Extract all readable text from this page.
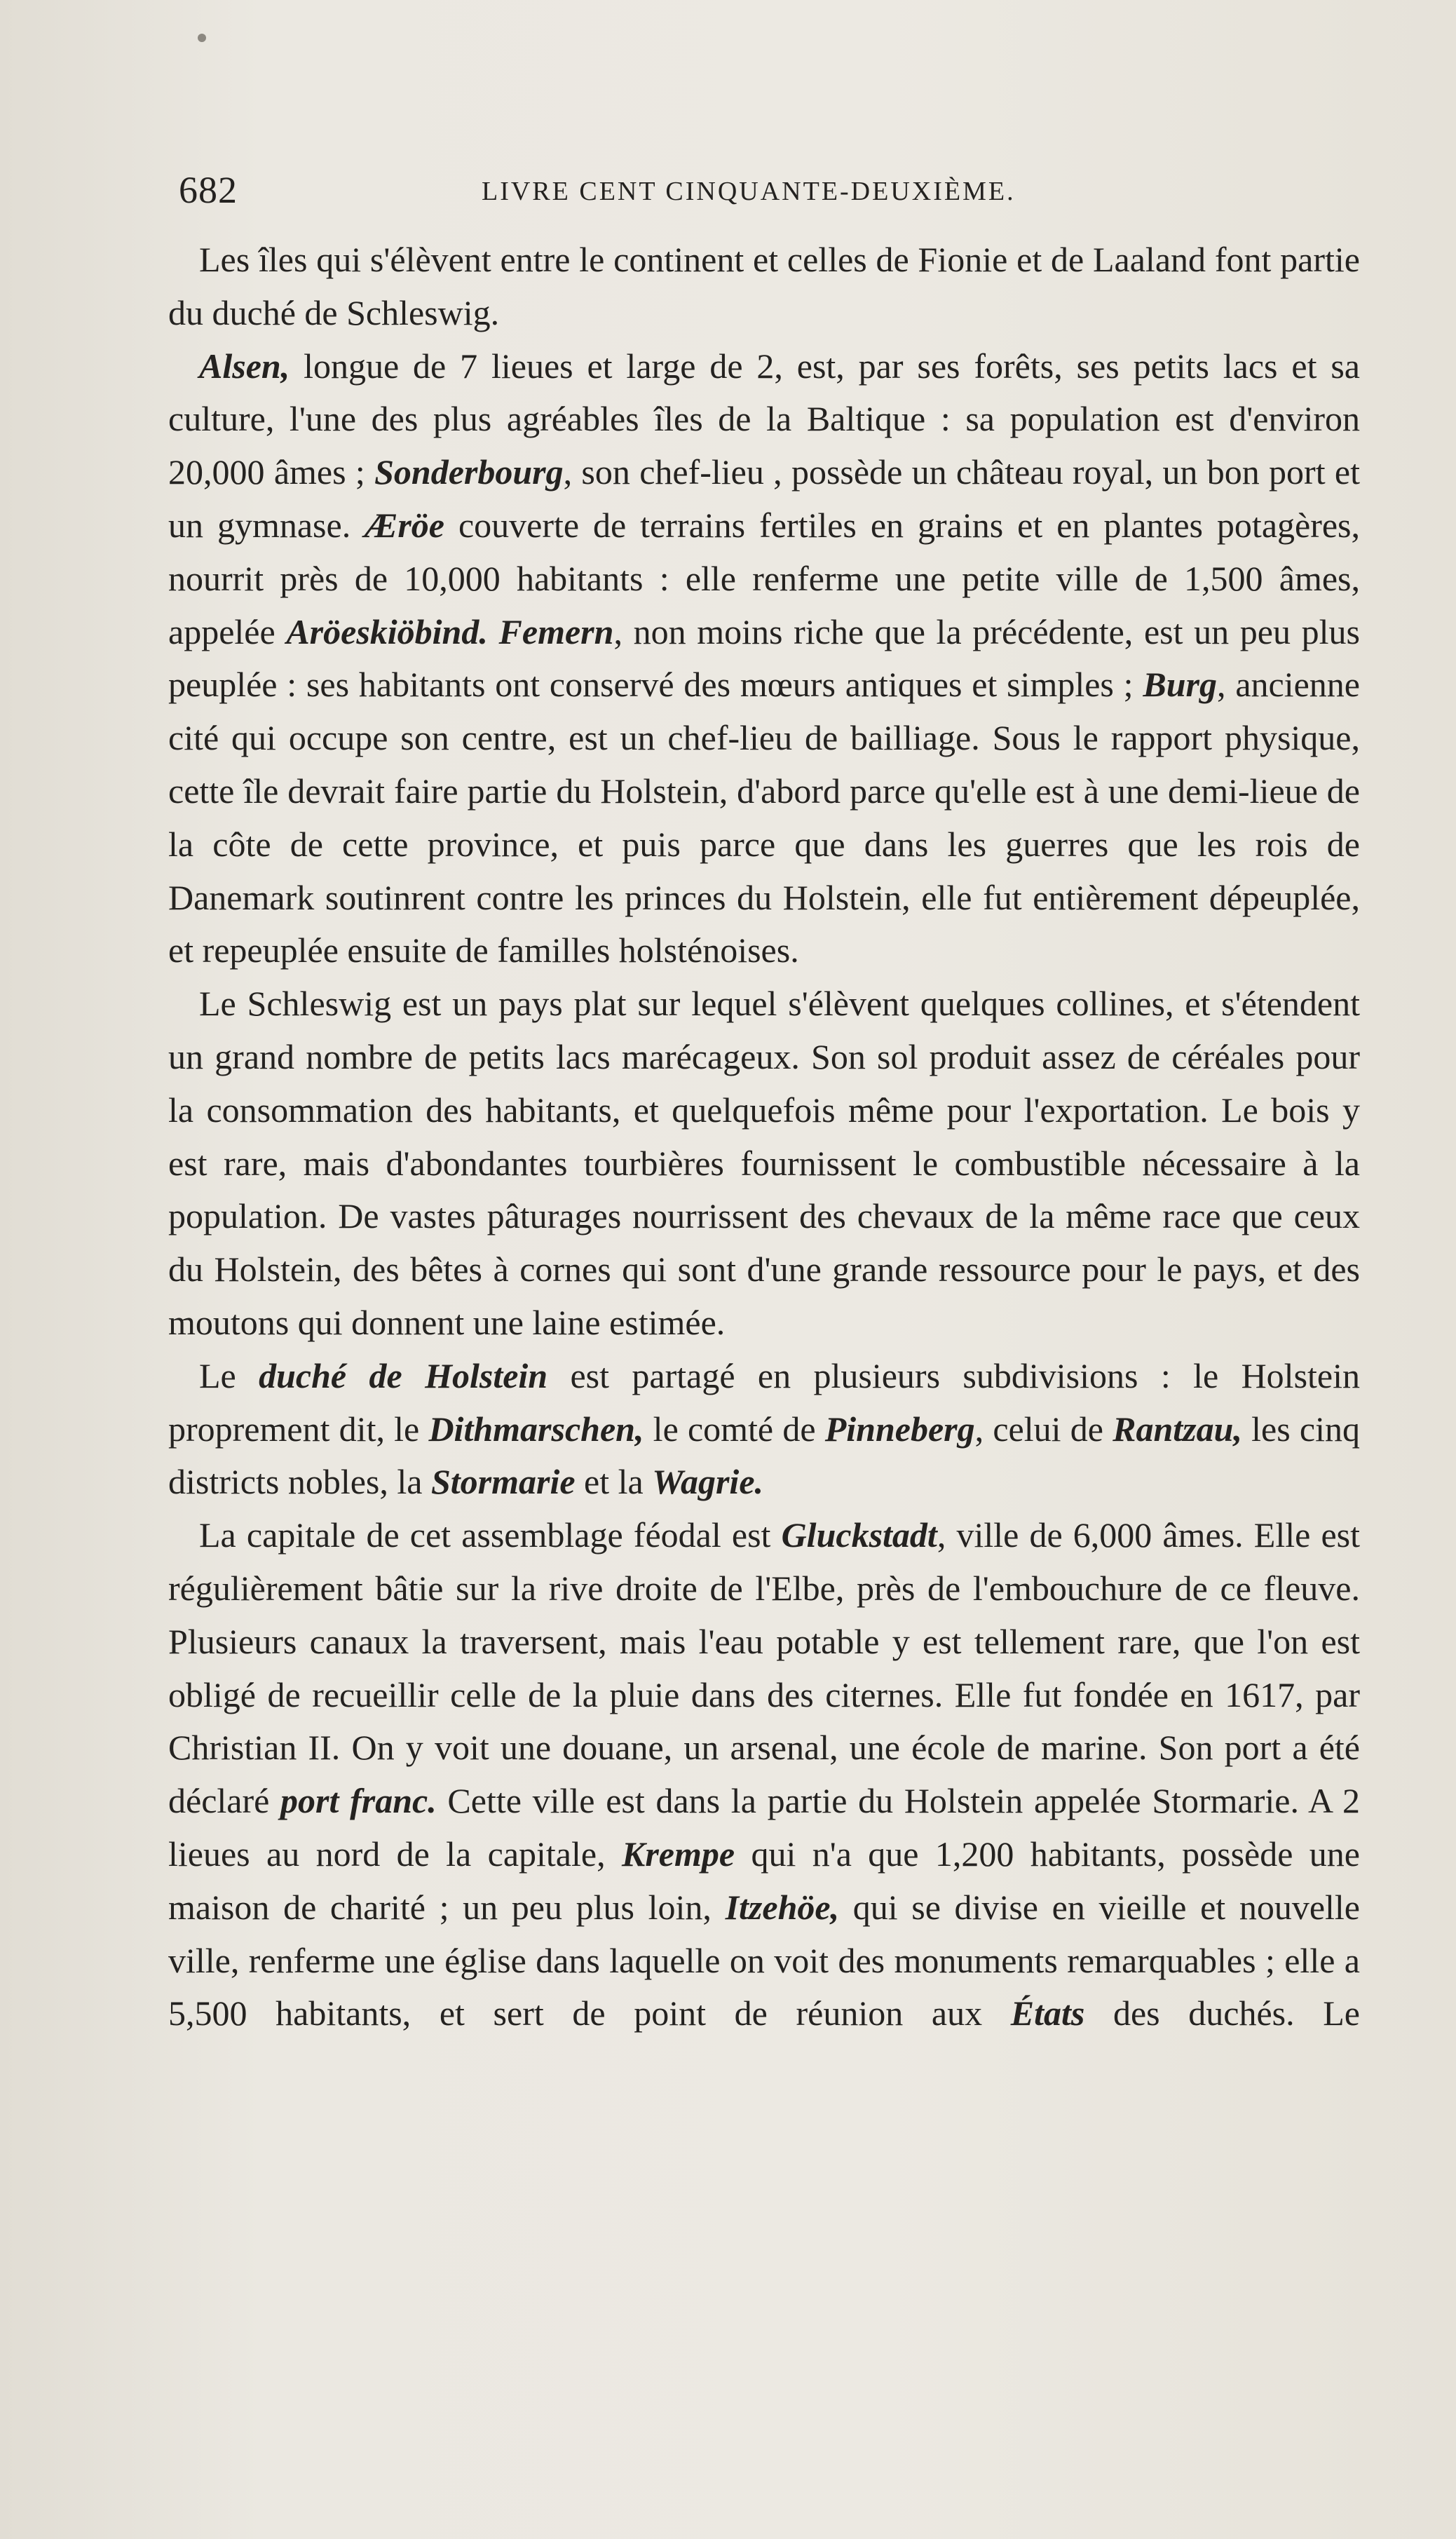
682	LIVRE CENT CINQUANTE-DEUXIÈME.

Les îles qui s'élèvent entre le continent et celles de Fionie et de Laaland font partie du duché de Schleswig.

Alsen, longue de 7 lieues et large de 2, est, par ses forêts, ses petits lacs et sa culture, l'une des plus agréables îles de la Baltique : sa population est d'environ 20,000 âmes ; Sonderbourg, son chef-lieu , possède un château royal, un bon port et un gymnase. Æröe couverte de terrains fertiles en grains et en plantes potagères, nourrit près de 10,000 habitants : elle renferme une petite ville de 1,500 âmes, appelée Aröeskiöbind. Femern, non moins riche que la précédente, est un peu plus peuplée : ses habitants ont conservé des mœurs antiques et simples ; Burg, ancienne cité qui occupe son centre, est un chef-lieu de bailliage. Sous le rapport physique, cette île devrait faire partie du Holstein, d'abord parce qu'elle est à une demi-lieue de la côte de cette province, et puis parce que dans les guerres que les rois de Danemark soutinrent contre les princes du Holstein, elle fut entièrement dépeuplée, et repeuplée ensuite de familles holsténoises.

Le Schleswig est un pays plat sur lequel s'élèvent quelques collines, et s'étendent un grand nombre de petits lacs marécageux. Son sol produit assez de céréales pour la consommation des habitants, et quelquefois même pour l'exportation. Le bois y est rare, mais d'abondantes tourbières fournissent le combustible nécessaire à la population. De vastes pâturages nourrissent des chevaux de la même race que ceux du Holstein, des bêtes à cornes qui sont d'une grande ressource pour le pays, et des moutons qui donnent une laine estimée.

Le duché de Holstein est partagé en plusieurs subdivisions : le Holstein proprement dit, le Dithmarschen, le comté de Pinneberg, celui de Rantzau, les cinq districts nobles, la Stormarie et la Wagrie.

La capitale de cet assemblage féodal est Gluckstadt, ville de 6,000 âmes. Elle est régulièrement bâtie sur la rive droite de l'Elbe, près de l'embouchure de ce fleuve. Plusieurs canaux la traversent, mais l'eau potable y est tellement rare, que l'on est obligé de recueillir celle de la pluie dans des citernes. Elle fut fondée en 1617, par Christian II. On y voit une douane, un arsenal, une école de marine. Son port a été déclaré port franc. Cette ville est dans la partie du Holstein appelée Stormarie. A 2 lieues au nord de la capitale, Krempe qui n'a que 1,200 habitants, possède une maison de charité ; un peu plus loin, Itzehöe, qui se divise en vieille et nouvelle ville, renferme une église dans laquelle on voit des monuments remarquables ; elle a 5,500 habitants, et sert de point de réunion aux États des duchés. Le
